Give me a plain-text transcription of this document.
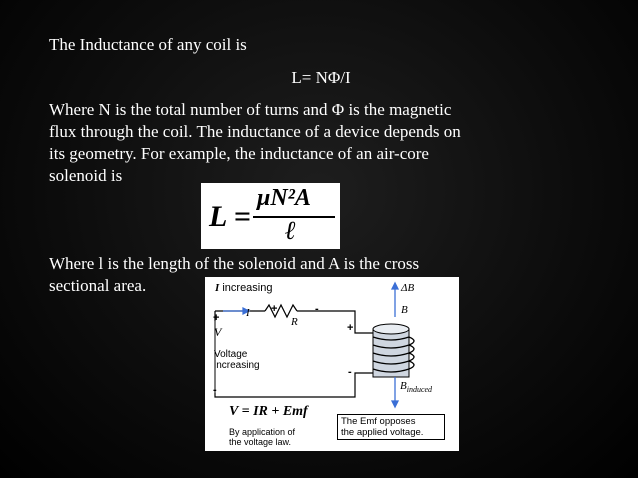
The Inductance of any coil is
L= NΦ/I
Where N is the total number of turns and Φ is the magnetic
flux through the coil. The inductance of a device depends on
its geometry. For example, the inductance of an air-core
solenoid is
L =
μN²A
ℓ
Where l is the length of the solenoid and A is the cross
sectional area.	I increasing
I
R
+
+	-
+
-
-
V
Voltage
increasing
ΔB
B
$B_{induced}$
V = IR + Emf
By application of
the voltage law.
The Emf opposes
the applied voltage.
